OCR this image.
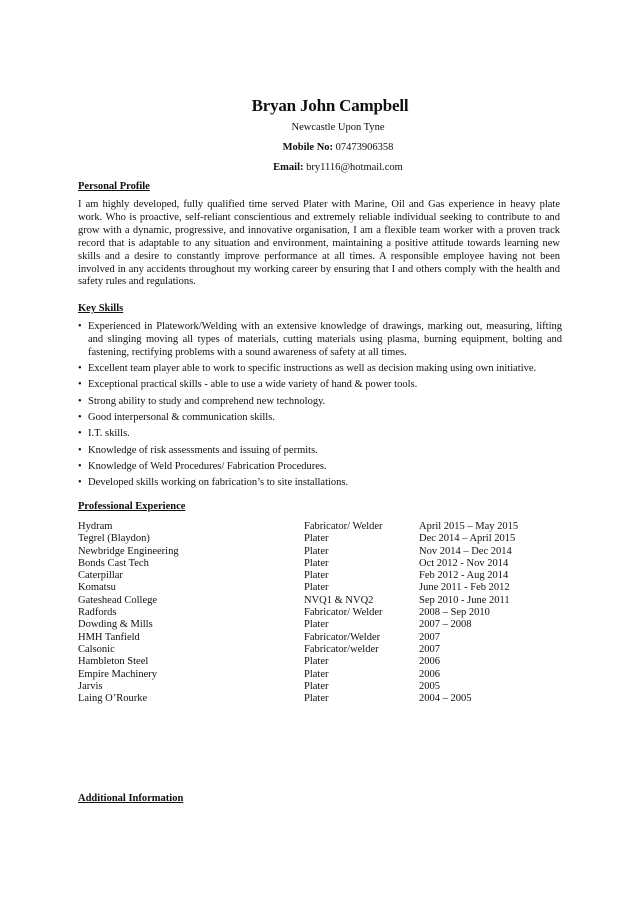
Bryan John Campbell
Newcastle Upon Tyne
Mobile No: 07473906358
Email: bry1116@hotmail.com
Personal Profile
I am highly developed, fully qualified time served Plater with Marine, Oil and Gas experience in heavy plate work. Who is proactive, self-reliant conscientious and extremely reliable individual seeking to contribute to and grow with a dynamic, progressive, and innovative organisation, I am a flexible team worker with a proven track record that is adaptable to any situation and environment, maintaining a positive attitude towards learning new skills and a desire to constantly improve performance at all times. A responsible employee having not been involved in any accidents throughout my working career by ensuring that I and others comply with the health and safety rules and regulations.
Key Skills
• Experienced in Platework/Welding with an extensive knowledge of drawings, marking out, measuring, lifting and slinging moving all types of materials, cutting materials using plasma, burning equipment, bolting and fastening, rectifying problems with a sound awareness of safety at all times.
• Excellent team player able to work to specific instructions as well as decision making using own initiative.
• Exceptional practical skills - able to use a wide variety of hand & power tools.
• Strong ability to study and comprehend new technology.
• Good interpersonal & communication skills.
• I.T. skills.
• Knowledge of risk assessments and issuing of permits.
• Knowledge of Weld Procedures/ Fabrication Procedures.
• Developed skills working on fabrication’s to site installations.
Professional Experience
Hydram	Fabricator/ Welder	April 2015 – May 2015
Tegrel (Blaydon)	Plater	Dec 2014 – April 2015
Newbridge Engineering	Plater	Nov 2014 – Dec 2014
Bonds Cast Tech	Plater	Oct 2012 - Nov 2014
Caterpillar	Plater	Feb 2012 - Aug 2014
Komatsu	Plater	June 2011 - Feb 2012
Gateshead College	NVQ1 & NVQ2	Sep 2010 - June 2011
Radfords	Fabricator/ Welder	2008 – Sep 2010
Dowding & Mills	Plater	2007 – 2008
HMH Tanfield	Fabricator/Welder	2007
Calsonic	Fabricator/welder	2007
Hambleton Steel	Plater	2006
Empire Machinery	Plater	2006
Jarvis	Plater	2005
Laing O’Rourke	Plater	2004 – 2005
Additional Information
